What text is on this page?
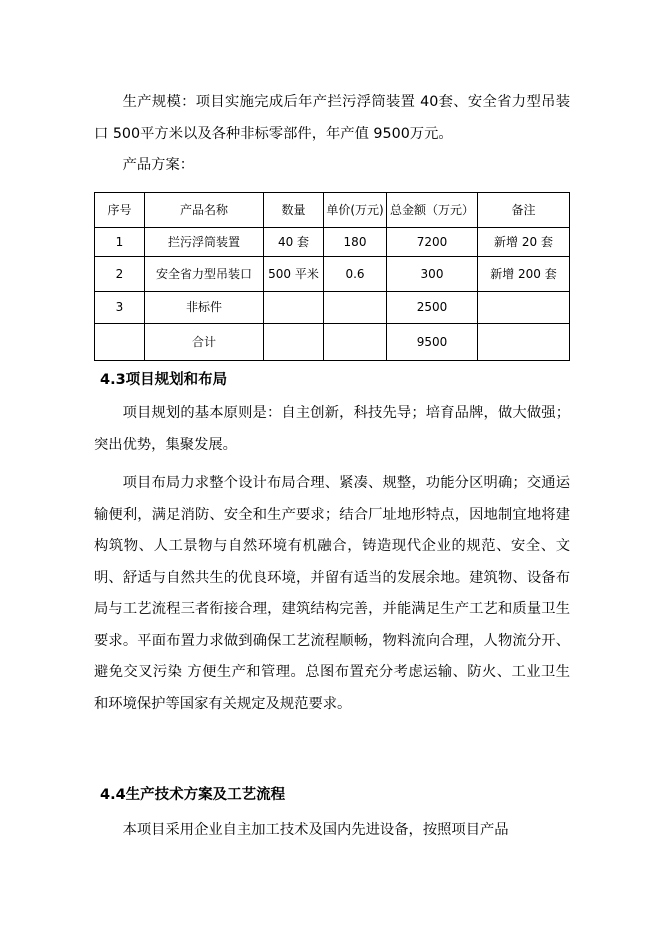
生产规模：项目实施完成后年产拦污浮筒装置 40套、安全省力型吊装口 500平方米以及各种非标零部件，年产值 9500万元。

产品方案：

序号	产品名称	数量	单价(万元)	总金额（万元）	备注
1	拦污浮筒装置	40 套	180	7200	新增 20 套
2	安全省力型吊装口	500 平米	0.6	300	新增 200 套
3	非标件			2500	
	合计			9500	
4.3项目规划和布局

项目规划的基本原则是：自主创新，科技先导；培育品牌，做大做强；突出优势，集聚发展。

项目布局力求整个设计布局合理、紧凑、规整，功能分区明确；交通运输便利，满足消防、安全和生产要求；结合厂址地形特点，因地制宜地将建构筑物、人工景物与自然环境有机融合，铸造现代企业的规范、安全、文明、舒适与自然共生的优良环境，并留有适当的发展余地。建筑物、设备布局与工艺流程三者衔接合理，建筑结构完善，并能满足生产工艺和质量卫生要求。平面布置力求做到确保工艺流程顺畅，物料流向合理，人物流分开、避免交叉污染 方便生产和管理。总图布置充分考虑运输、防火、工业卫生和环境保护等国家有关规定及规范要求。

4.4生产技术方案及工艺流程

本项目采用企业自主加工技术及国内先进设备，按照项目产品
